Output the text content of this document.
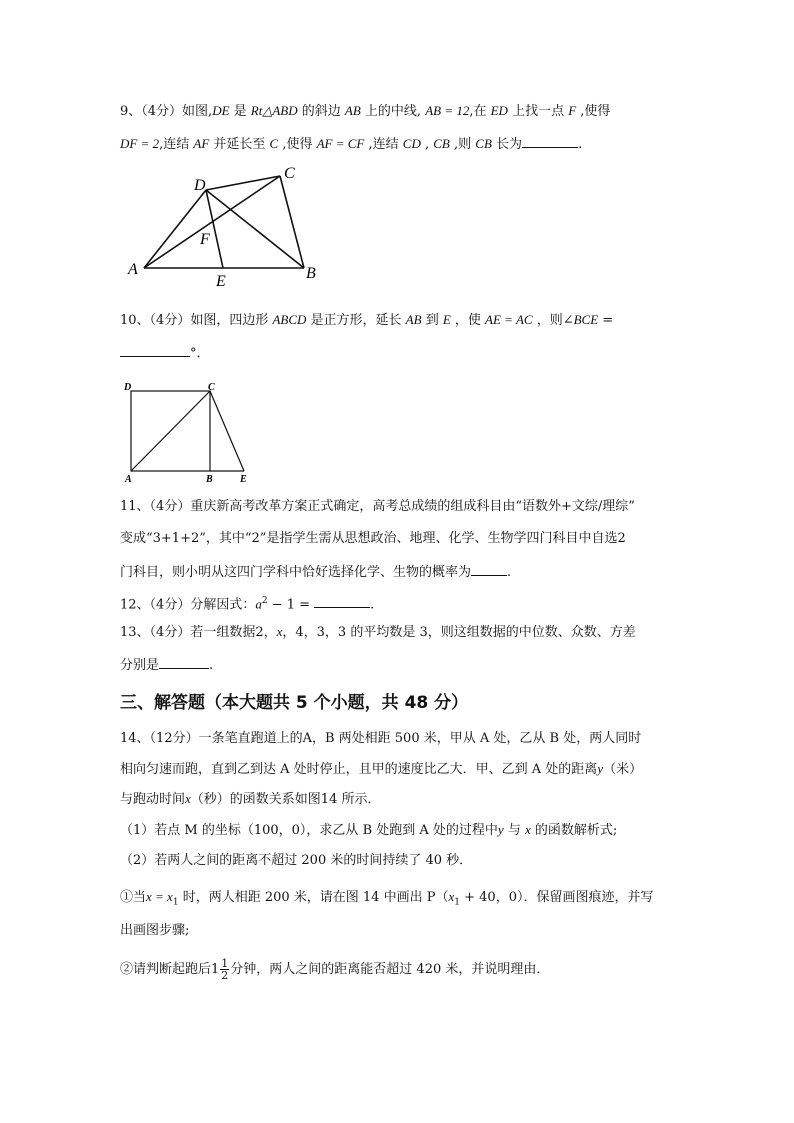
9、（4分）如图,DE 是 Rt△ABD 的斜边 AB 上的中线, AB = 12,在 ED 上找一点 F ,使得
DF = 2,连结 AF 并延长至 C ,使得 AF = CF ,连结 CD , CB ,则 CB 长为	.
D
C
F
A	B
E
10、（4分）如图，四边形 ABCD 是正方形，延长 AB 到 E ，使 AE = AC ，则∠BCE =
°．
D	C
A	B	E
11、（4分）重庆新高考改革方案正式确定，高考总成绩的组成科目由“语数外+文综/理综”
变成“3+1+2”，其中“2”是指学生需从思想政治、地理、化学、生物学四门科目中自选2
门科目，则小明从这四门学科中恰好选择化学、生物的概率为	.
12、（4分）分解因式：$a^2 - 1$ =	.
13、（4分）若一组数据2，x，4，3，3 的平均数是 3，则这组数据的中位数、众数、方差
分别是	.
三、解答题（本大题共 5 个小题，共 48 分）
14、（12分）一条笔直跑道上的A，B 两处相距 500 米，甲从 A 处，乙从 B 处，两人同时
相向匀速而跑，直到乙到达 A 处时停止，且甲的速度比乙大．甲、乙到 A 处的距离y（米）
与跑动时间x（秒）的函数关系如图14 所示．
（1）若点 M 的坐标（100，0），求乙从 B 处跑到 A 处的过程中y 与 x 的函数解析式;
（2）若两人之间的距离不超过 200 米的时间持续了 40 秒．
①当$x = x_1$ 时，两人相距 200 米，请在图 14 中画出 $P(x_1 + 40$，0）．保留画图痕迹，并写
出画图步骤;
②请判断起跑后$1 \frac{1}{2}$ 分钟，两人之间的距离能否超过 420 米，并说明理由．
